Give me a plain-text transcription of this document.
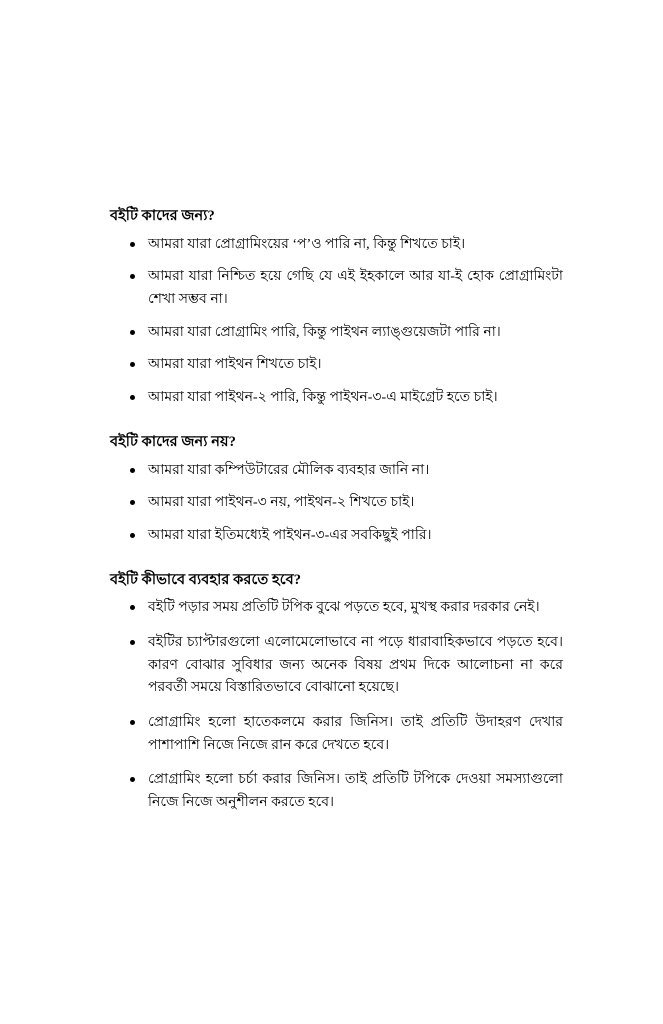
বইটি কাদের জন্য?
আমরা যারা প্রোগ্রামিংয়ের ‘প’ও পারি না, কিন্তু শিখতে চাই।
আমরা যারা নিশ্চিত হয়ে গেছি যে এই ইহকালে আর যা-ই হোক প্রোগ্রামিংটা শেখা সম্ভব না।
আমরা যারা প্রোগ্রামিং পারি, কিন্তু পাইথন ল্যাঙ্গুয়েজটা পারি না।
আমরা যারা পাইথন শিখতে চাই।
আমরা যারা পাইথন-২ পারি, কিন্তু পাইথন-৩-এ মাইগ্রেট হতে চাই।
বইটি কাদের জন্য নয়?
আমরা যারা কম্পিউটারের মৌলিক ব্যবহার জানি না।
আমরা যারা পাইথন-৩ নয়, পাইথন-২ শিখতে চাই।
আমরা যারা ইতিমধ্যেই পাইথন-৩-এর সবকিছুই পারি।
বইটি কীভাবে ব্যবহার করতে হবে?
বইটি পড়ার সময় প্রতিটি টপিক বুঝে পড়তে হবে, মুখস্থ করার দরকার নেই।
বইটির চ্যাপ্টারগুলো এলোমেলোভাবে না পড়ে ধারাবাহিকভাবে পড়তে হবে। কারণ বোঝার সুবিধার জন্য অনেক বিষয় প্রথম দিকে আলোচনা না করে পরবর্তী সময়ে বিস্তারিতভাবে বোঝানো হয়েছে।
প্রোগ্রামিং হলো হাতেকলমে করার জিনিস। তাই প্রতিটি উদাহরণ দেখার পাশাপাশি নিজে নিজে রান করে দেখতে হবে।
প্রোগ্রামিং হলো চর্চা করার জিনিস। তাই প্রতিটি টপিকে দেওয়া সমস্যাগুলো নিজে নিজে অনুশীলন করতে হবে।
